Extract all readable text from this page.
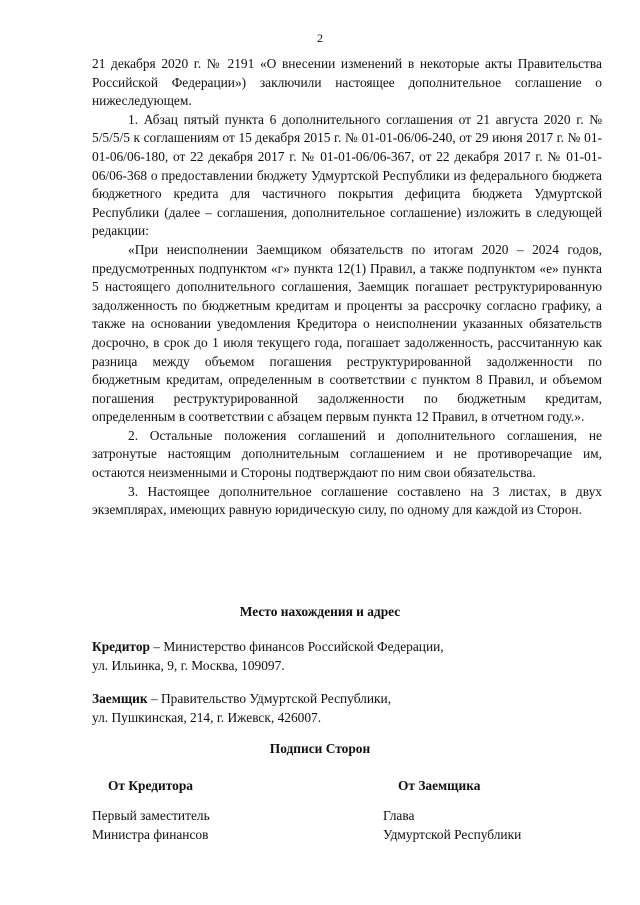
2

21 декабря 2020 г. № 2191 «О внесении изменений в некоторые акты Правительства Российской Федерации») заключили настоящее дополнительное соглашение о нижеследующем.

1. Абзац пятый пункта 6 дополнительного соглашения от 21 августа 2020 г. № 5/5/5/5 к соглашениям от 15 декабря 2015 г. № 01-01-06/06-240, от 29 июня 2017 г. № 01-01-06/06-180, от 22 декабря 2017 г. № 01-01-06/06-367, от 22 декабря 2017 г. № 01-01-06/06-368 о предоставлении бюджету Удмуртской Республики из федерального бюджета бюджетного кредита для частичного покрытия дефицита бюджета Удмуртской Республики (далее – соглашения, дополнительное соглашение) изложить в следующей редакции:

«При неисполнении Заемщиком обязательств по итогам 2020 – 2024 годов, предусмотренных подпунктом «г» пункта 12(1) Правил, а также подпунктом «е» пункта 5 настоящего дополнительного соглашения, Заемщик погашает реструктурированную задолженность по бюджетным кредитам и проценты за рассрочку согласно графику, а также на основании уведомления Кредитора о неисполнении указанных обязательств досрочно, в срок до 1 июля текущего года, погашает задолженность, рассчитанную как разница между объемом погашения реструктурированной задолженности по бюджетным кредитам, определенным в соответствии с пунктом 8 Правил, и объемом погашения реструктурированной задолженности по бюджетным кредитам, определенным в соответствии с абзацем первым пункта 12 Правил, в отчетном году.».

2. Остальные положения соглашений и дополнительного соглашения, не затронутые настоящим дополнительным соглашением и не противоречащие им, остаются неизменными и Стороны подтверждают по ним свои обязательства.

3. Настоящее дополнительное соглашение составлено на 3 листах, в двух экземплярах, имеющих равную юридическую силу, по одному для каждой из Сторон.

Место нахождения и адрес
Кредитор – Министерство финансов Российской Федерации,
ул. Ильинка, 9, г. Москва, 109097.
Заемщик – Правительство Удмуртской Республики,
ул. Пушкинская, 214, г. Ижевск, 426007.
Подписи Сторон
От Кредитора	От Заемщика
Первый заместитель
Министра финансов
Глава
Удмуртской Республики
